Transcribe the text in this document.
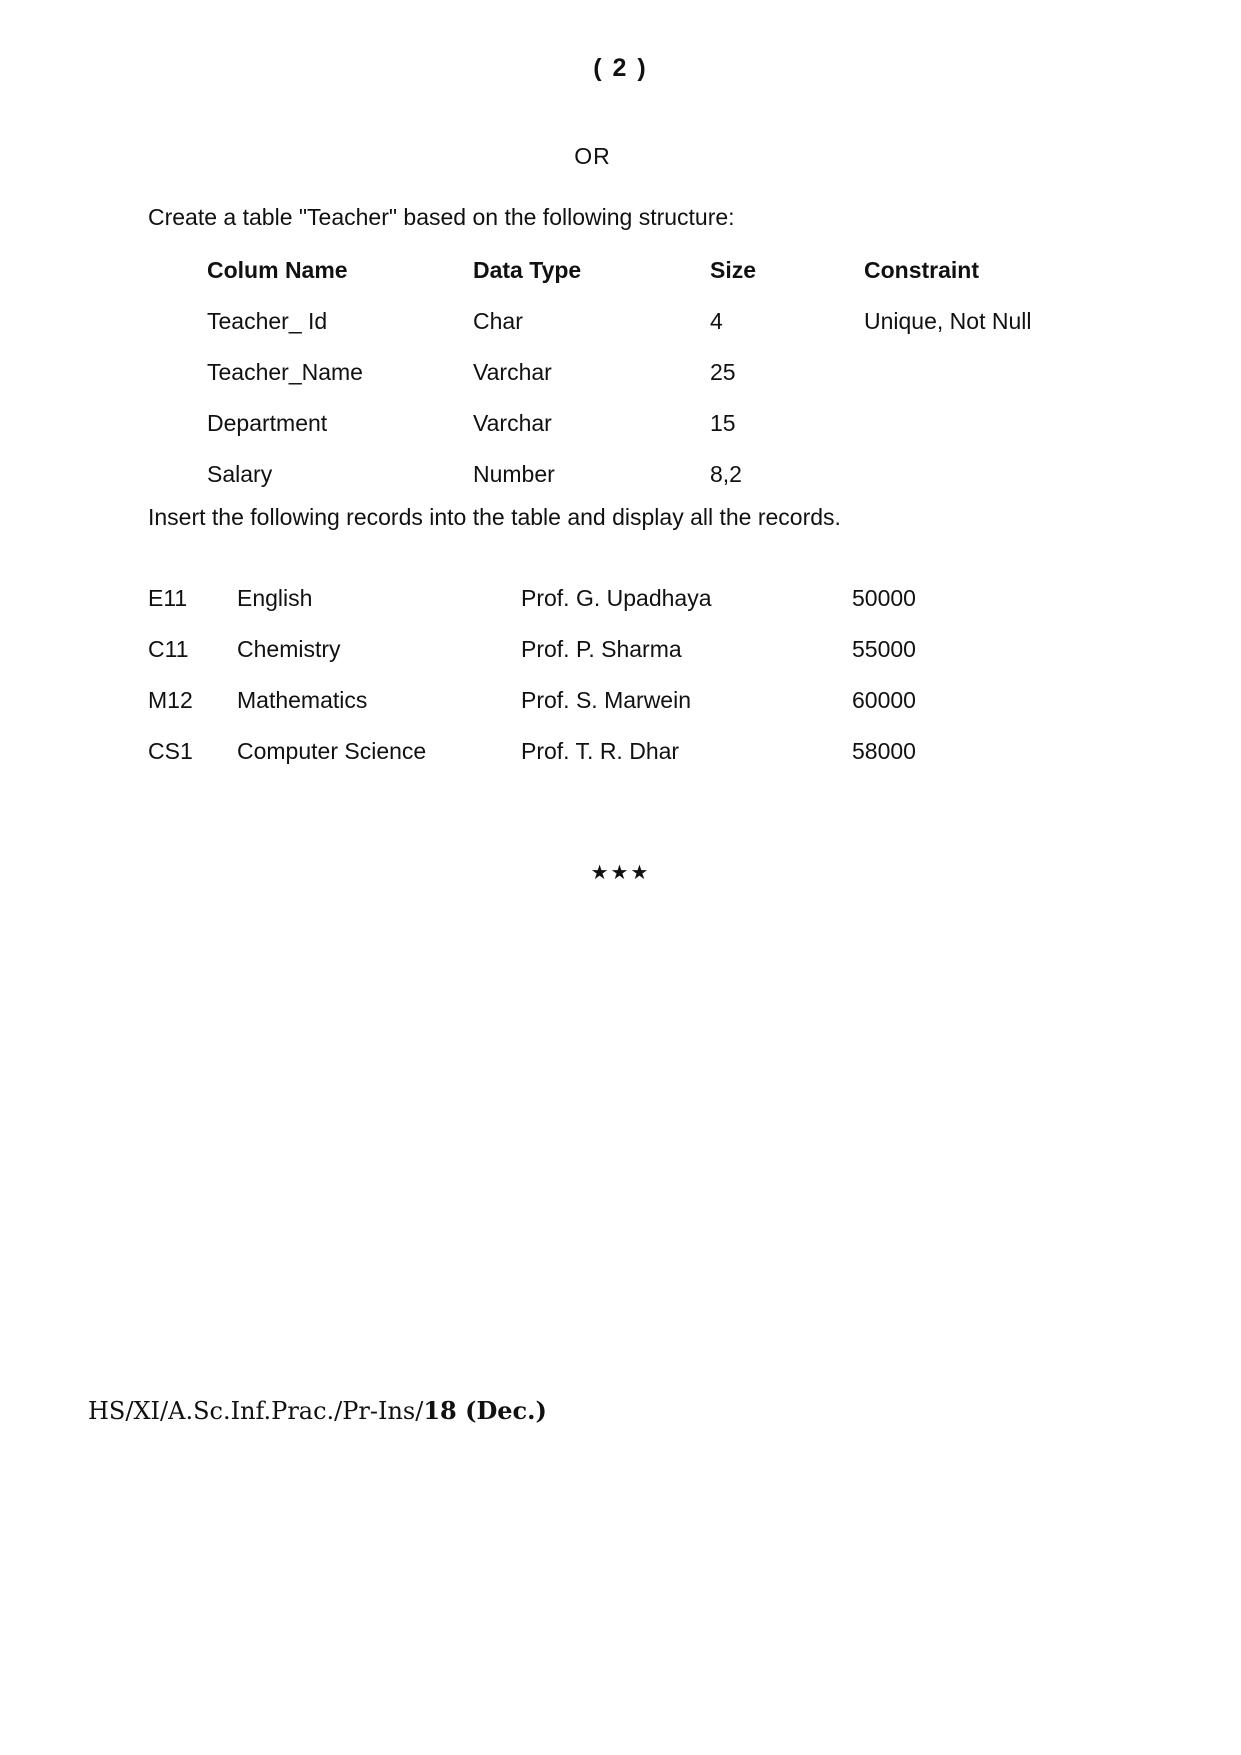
( 2 )
OR
Create a table "Teacher" based on the following structure:
Colum Name	Data Type	Size	Constraint
Teacher_ Id	Char	4	Unique, Not Null
Teacher_Name	Varchar	25	
Department	Varchar	15	
Salary	Number	8,2	
Insert the following records into the table and display all the records.
E11	English	Prof. G. Upadhaya	50000
C11	Chemistry	Prof. P. Sharma	55000
M12	Mathematics	Prof. S. Marwein	60000
CS1	Computer Science	Prof. T. R. Dhar	58000
★★★
HS/XI/A.Sc.Inf.Prac./Pr-Ins/18 (Dec.)
